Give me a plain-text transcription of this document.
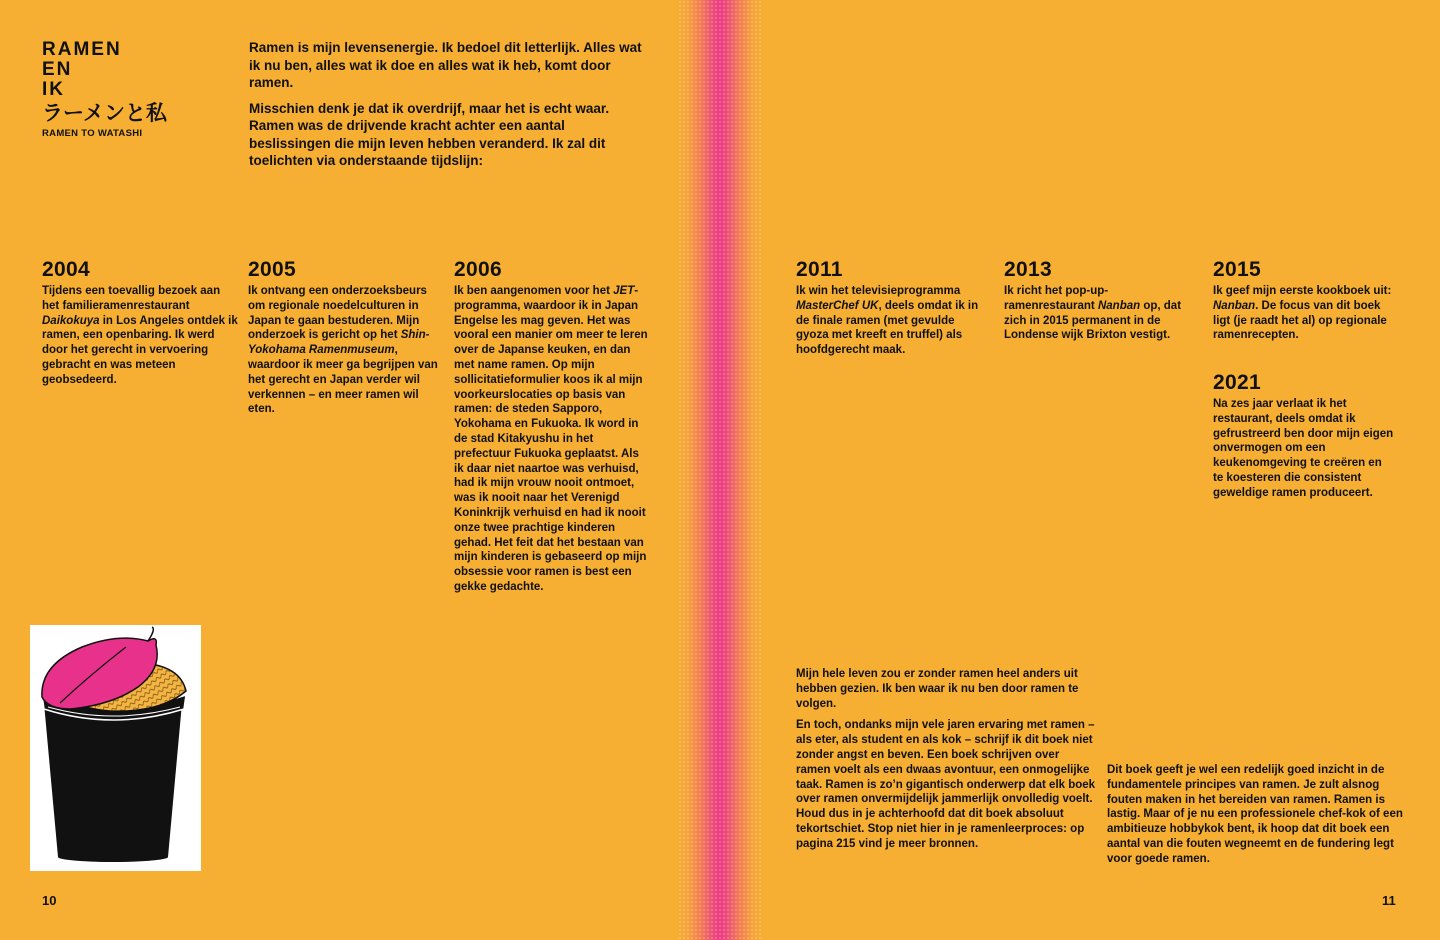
RAMEN
EN
IK
ラーメンと私
RAMEN TO WATASHI

Ramen is mijn levensenergie. Ik bedoel dit letterlijk. Alles wat ik nu ben, alles wat ik doe en alles wat ik heb, komt door ramen.

Misschien denk je dat ik overdrijf, maar het is echt waar. Ramen was de drijvende kracht achter een aantal beslissingen die mijn leven hebben veranderd. Ik zal dit toelichten via onderstaande tijdslijn:

2004
Tijdens een toevallig bezoek aan het familieramenrestaurant Daikokuya in Los Angeles ontdek ik ramen, een openbaring. Ik werd door het gerecht in vervoering gebracht en was meteen geobsedeerd.
2005
Ik ontvang een onderzoeksbeurs om regionale noedelculturen in Japan te gaan bestuderen. Mijn onderzoek is gericht op het Shin-Yokohama Ramenmuseum, waardoor ik meer ga begrijpen van het gerecht en Japan verder wil verkennen – en meer ramen wil eten.
2006
Ik ben aangenomen voor het JET-programma, waardoor ik in Japan Engelse les mag geven. Het was vooral een manier om meer te leren over de Japanse keuken, en dan met name ramen. Op mijn sollicitatieformulier koos ik al mijn voorkeurslocaties op basis van ramen: de steden Sapporo, Yokohama en Fukuoka. Ik word in de stad Kitakyushu in het prefectuur Fukuoka geplaatst. Als ik daar niet naartoe was verhuisd, had ik mijn vrouw nooit ontmoet, was ik nooit naar het Verenigd Koninkrijk verhuisd en had ik nooit onze twee prachtige kinderen gehad. Het feit dat het bestaan van mijn kinderen is gebaseerd op mijn obsessie voor ramen is best een gekke gedachte.
2011
Ik win het televisieprogramma MasterChef UK, deels omdat ik in de finale ramen (met gevulde gyoza met kreeft en truffel) als hoofdgerecht maak.
2013
Ik richt het pop-up-ramenrestaurant Nanban op, dat zich in 2015 permanent in de Londense wijk Brixton vestigt.
2015
Ik geef mijn eerste kookboek uit: Nanban. De focus van dit boek ligt (je raadt het al) op regionale ramenrecepten.
2021
Na zes jaar verlaat ik het restaurant, deels omdat ik gefrustreerd ben door mijn eigen onvermogen om een keukenomgeving te creëren en te koesteren die consistent geweldige ramen produceert.

Mijn hele leven zou er zonder ramen heel anders uit hebben gezien. Ik ben waar ik nu ben door ramen te volgen.

En toch, ondanks mijn vele jaren ervaring met ramen – als eter, als student en als kok – schrijf ik dit boek niet zonder angst en beven. Een boek schrijven over ramen voelt als een dwaas avontuur, een onmogelijke taak. Ramen is zo’n gigantisch onderwerp dat elk boek over ramen onvermijdelijk jammerlijk onvolledig voelt. Houd dus in je achterhoofd dat dit boek absoluut tekortschiet. Stop niet hier in je ramenleerproces: op pagina 215 vind je meer bronnen.

Dit boek geeft je wel een redelijk goed inzicht in de fundamentele principes van ramen. Je zult alsnog fouten maken in het bereiden van ramen. Ramen is lastig. Maar of je nu een professionele chef-kok of een ambitieuze hobbykok bent, ik hoop dat dit boek een aantal van die fouten wegneemt en de fundering legt voor goede ramen.

10	11
